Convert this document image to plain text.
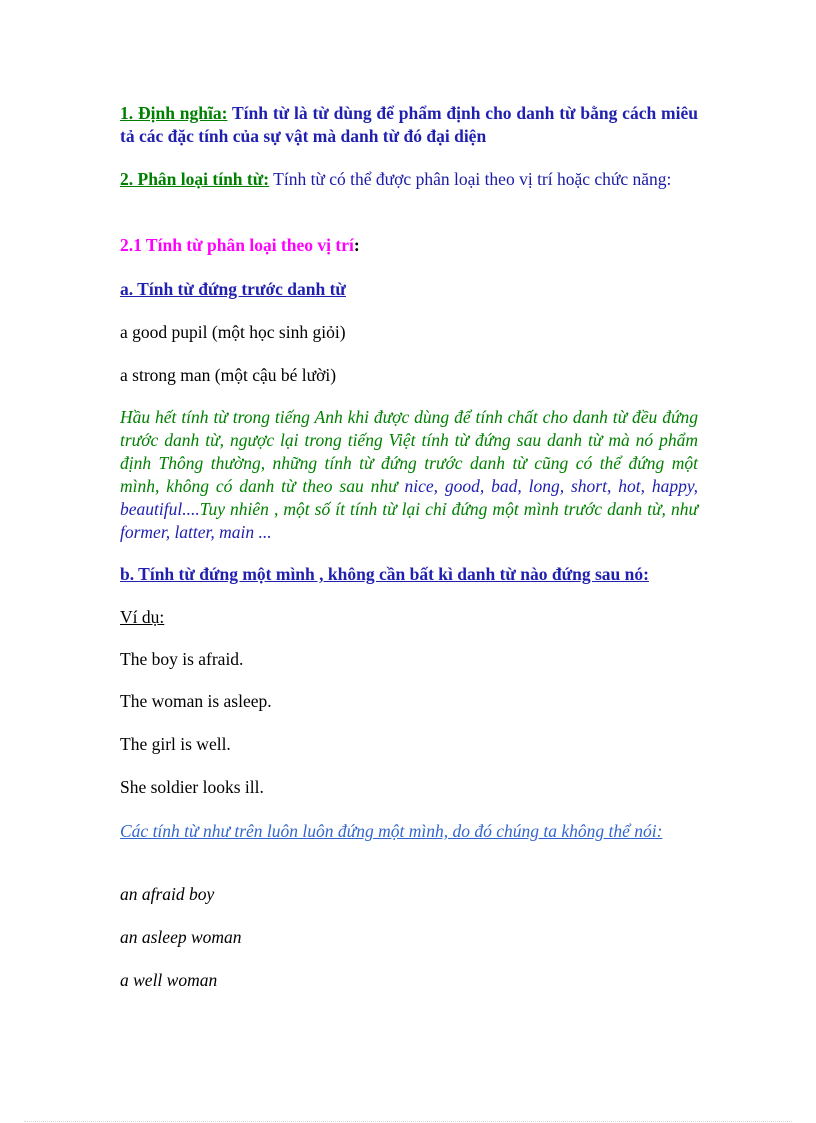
1. Định nghĩa: Tính từ là từ dùng để phẩm định cho danh từ bằng cách miêu tả các đặc tính của sự vật mà danh từ đó đại diện

2. Phân loại tính từ: Tính từ có thể được phân loại theo vị trí hoặc chức năng:

2.1 Tính từ phân loại theo vị trí:

a. Tính từ đứng trước danh từ

a good pupil (một học sinh giỏi)

a strong man (một cậu bé lười)

Hầu hết tính từ trong tiếng Anh khi được dùng để tính chất cho danh từ đều đứng trước danh từ, ngược lại trong tiếng Việt tính từ đứng sau danh từ mà nó phẩm định Thông thường, những tính từ đứng trước danh từ cũng có thể đứng một mình, không có danh từ theo sau như nice, good, bad, long, short, hot, happy, beautiful....Tuy nhiên , một số ít tính từ lại chỉ đứng một mình trước danh từ, như former, latter, main ...

b. Tính từ đứng một mình , không cần bất kì danh từ nào đứng sau nó:

Ví dụ:

The boy is afraid.

The woman is asleep.

The girl is well.

She soldier looks ill.

Các tính từ như trên luôn luôn đứng một mình, do đó chúng ta không thể nói:

an afraid boy

an asleep woman

a well woman
